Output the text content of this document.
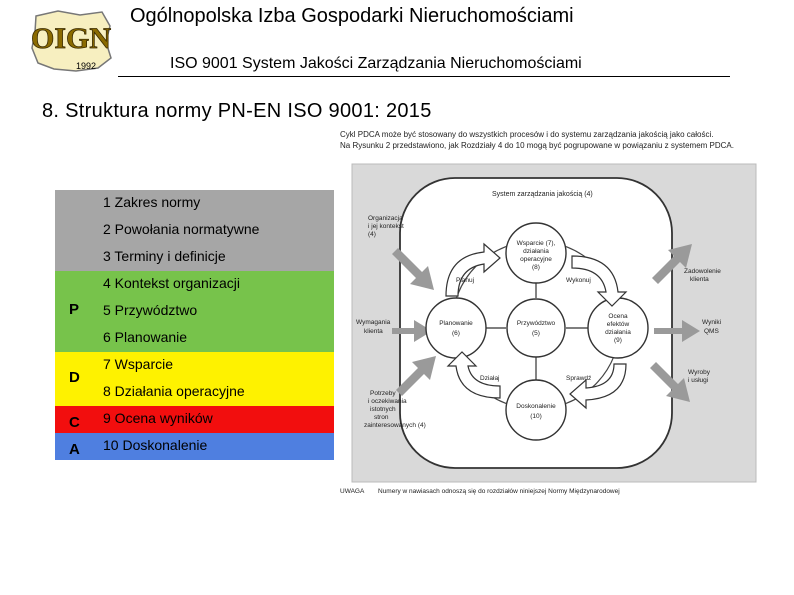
OIGN
1992
Ogólnopolska Izba Gospodarki Nieruchomościami
ISO 9001 System Jakości Zarządzania Nieruchomościami
8. Struktura normy PN-EN ISO 9001: 2015
1 Zakres normy
2 Powołania normatywne
3 Terminy i definicje
P
4 Kontekst organizacji
5 Przywództwo
6 Planowanie
D
7 Wsparcie
8 Działania operacyjne
C	9 Ocena wyników
A	10 Doskonalenie
Cykl PDCA może być stosowany do wszystkich procesów i do systemu zarządzania jakością jako całości.
Na Rysunku 2 przedstawiono, jak Rozdziały 4 do 10 mogą być pogrupowane w powiązaniu z systemem PDCA.
System zarządzania jakością (4)
Organizacja
i jej kontekst
(4)
Wymagania
klienta
Potrzeby
i oczekiwania
istotnych
stron
zainteresowanych (4)
Zadowolenie
klienta
Wyniki
QMS
Wyroby
i usługi
Wsparcie (7),
działania
operacyjne
(8)
Planowanie
(6)
Przywództwo
(5)
Ocena
efektów
działania
(9)
Doskonalenie
(10)
Planuj	Wykonuj
Działaj	Sprawdź
UWAGA Numery w nawiasach odnoszą się do rozdziałów niniejszej Normy Międzynarodowej
